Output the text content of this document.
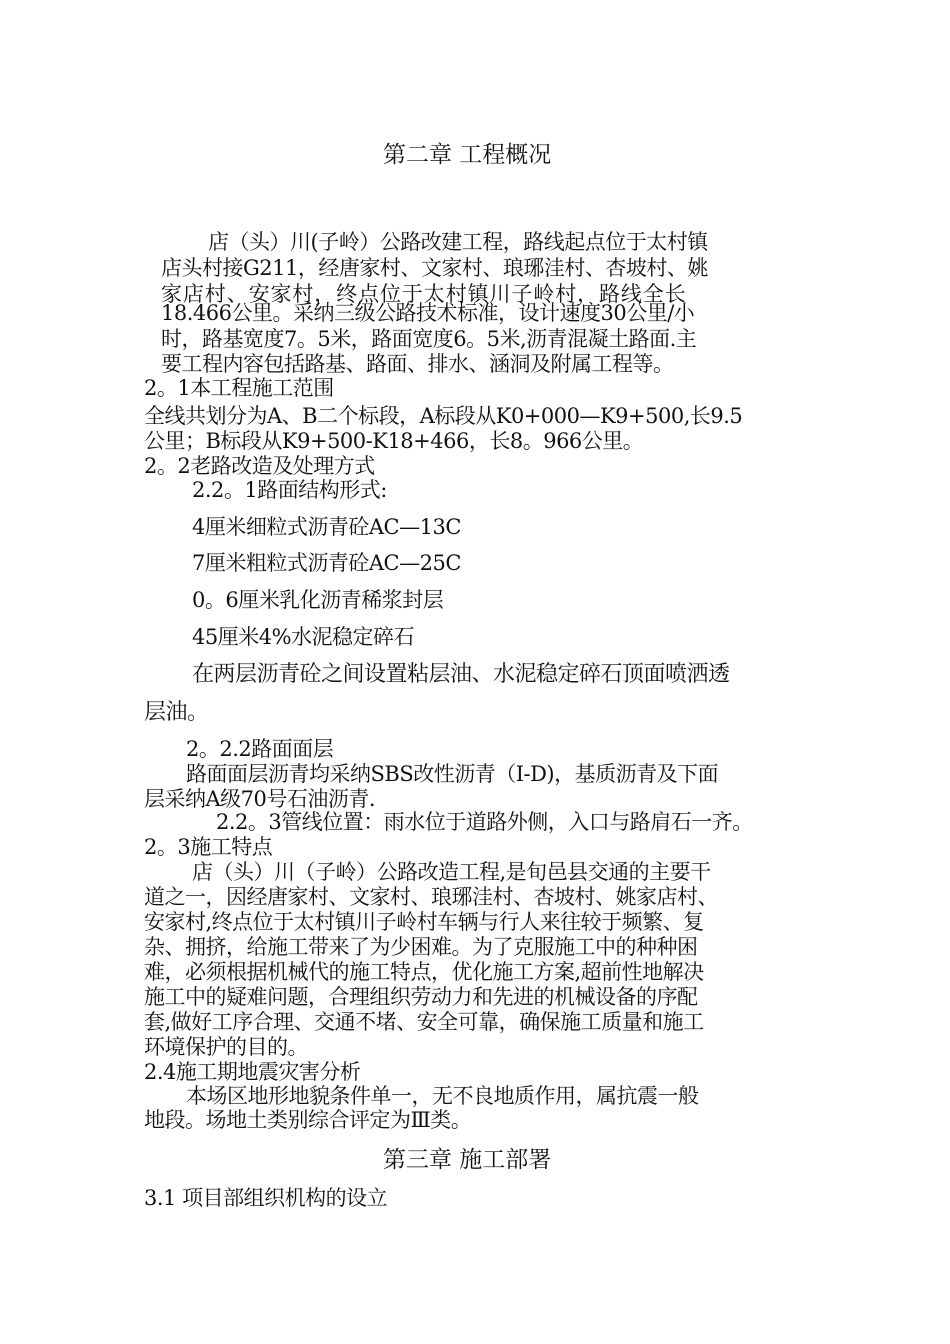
第二章 工程概况
店（头）川(子岭）公路改建工程，路线起点位于太村镇
店头村接G211，经唐家村、文家村、琅琊洼村、杏坡村、姚
家店村、安家村，终点位于太村镇川子岭村，路线全长
18.466公里。采纳三级公路技术标准，设计速度30公里/小
时，路基宽度7。5米，路面宽度6。5米,沥青混凝土路面.主
要工程内容包括路基、路面、排水、涵洞及附属工程等。
2。1本工程施工范围
全线共划分为A、B二个标段，A标段从K0+000—K9+500,长9.5
公里；B标段从K9+500-K18+466，长8。966公里。
2。2老路改造及处理方式
2.2。1路面结构形式:
4厘米细粒式沥青砼AC—13C
7厘米粗粒式沥青砼AC—25C
0。6厘米乳化沥青稀浆封层
45厘米4%水泥稳定碎石
在两层沥青砼之间设置粘层油、水泥稳定碎石顶面喷洒透
层油。
2。2.2路面面层
路面面层沥青均采纳SBS改性沥青（I-D)，基质沥青及下面
层采纳A级70号石油沥青.
2.2。3管线位置：雨水位于道路外侧，入口与路肩石一齐。
2。3施工特点
店（头）川（子岭）公路改造工程,是旬邑县交通的主要干
道之一，因经唐家村、文家村、琅琊洼村、杏坡村、姚家店村、
安家村,终点位于太村镇川子岭村车辆与行人来往较于频繁、复
杂、拥挤，给施工带来了为少困难。为了克服施工中的种种困
难，必须根据机械代的施工特点，优化施工方案,超前性地解决
施工中的疑难问题，合理组织劳动力和先进的机械设备的序配
套,做好工序合理、交通不堵、安全可靠，确保施工质量和施工
环境保护的目的。
2.4施工期地震灾害分析
本场区地形地貌条件单一，无不良地质作用，属抗震一般
地段。场地土类别综合评定为Ⅲ类。
第三章 施工部署
3.1 项目部组织机构的设立
